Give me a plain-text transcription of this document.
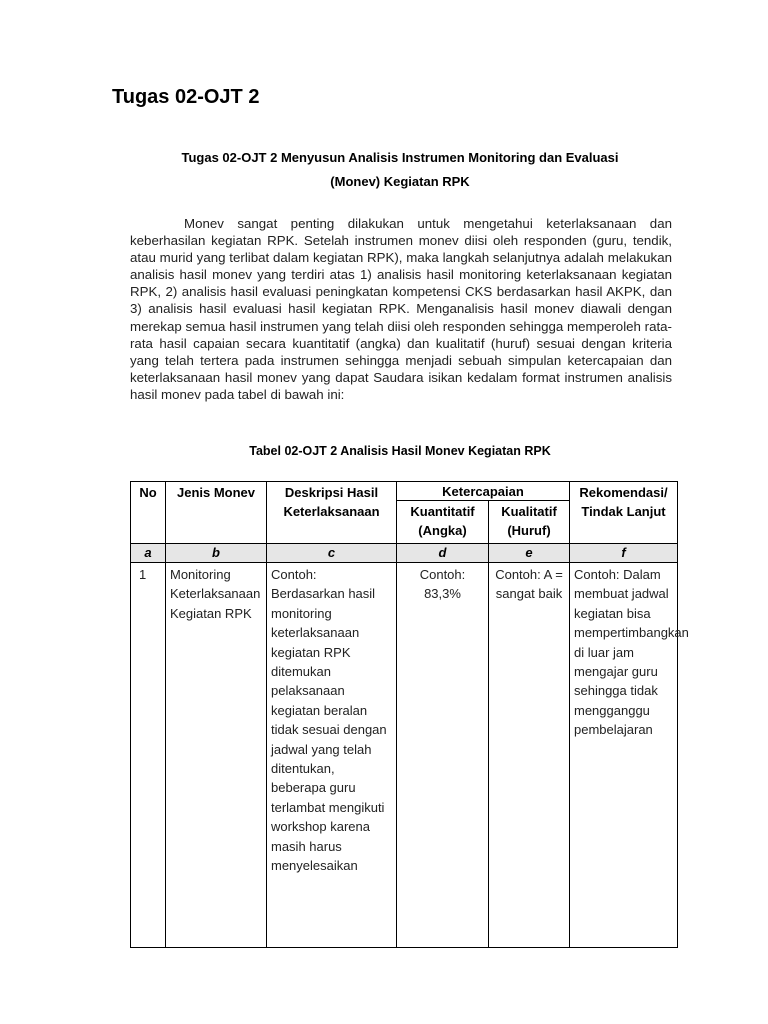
Tugas 02-OJT 2
Tugas 02-OJT 2 Menyusun Analisis Instrumen Monitoring dan Evaluasi
(Monev) Kegiatan RPK

Monev sangat penting dilakukan untuk mengetahui keterlaksanaan dan keberhasilan kegiatan RPK. Setelah instrumen monev diisi oleh responden (guru, tendik, atau murid yang terlibat dalam kegiatan RPK), maka langkah selanjutnya adalah melakukan analisis hasil monev yang terdiri atas 1) analisis hasil monitoring keterlaksanaan kegiatan RPK, 2) analisis hasil evaluasi peningkatan kompetensi CKS berdasarkan hasil AKPK, dan 3) analisis hasil evaluasi hasil kegiatan RPK. Menganalisis hasil monev diawali dengan merekap semua hasil instrumen yang telah diisi oleh responden sehingga memperoleh rata-rata hasil capaian secara kuantitatif (angka) dan kualitatif (huruf) sesuai dengan kriteria yang telah tertera pada instrumen sehingga menjadi sebuah simpulan ketercapaian dan keterlaksanaan hasil monev yang dapat Saudara isikan kedalam format instrumen analisis hasil monev pada tabel di bawah ini:

Tabel 02-OJT 2 Analisis Hasil Monev Kegiatan RPK
No	Jenis Monev	Deskripsi Hasil Keterlaksanaan	Ketercapaian		Rekomendasi/ Tindak Lanjut
			Kuantitatif (Angka)	Kualitatif (Huruf)	
a	b	c	d	e	f
1	Monitoring Keterlaksanaan Kegiatan RPK	Contoh: Berdasarkan hasil monitoring keterlaksanaan kegiatan RPK ditemukan pelaksanaan kegiatan beralan tidak sesuai dengan jadwal yang telah ditentukan, beberapa guru terlambat mengikuti workshop karena masih harus menyelesaikan	Contoh: 83,3%	Contoh: A = sangat baik	Contoh: Dalam membuat jadwal kegiatan bisa mempertimbangkan di luar jam mengajar guru sehingga tidak mengganggu pembelajaran
